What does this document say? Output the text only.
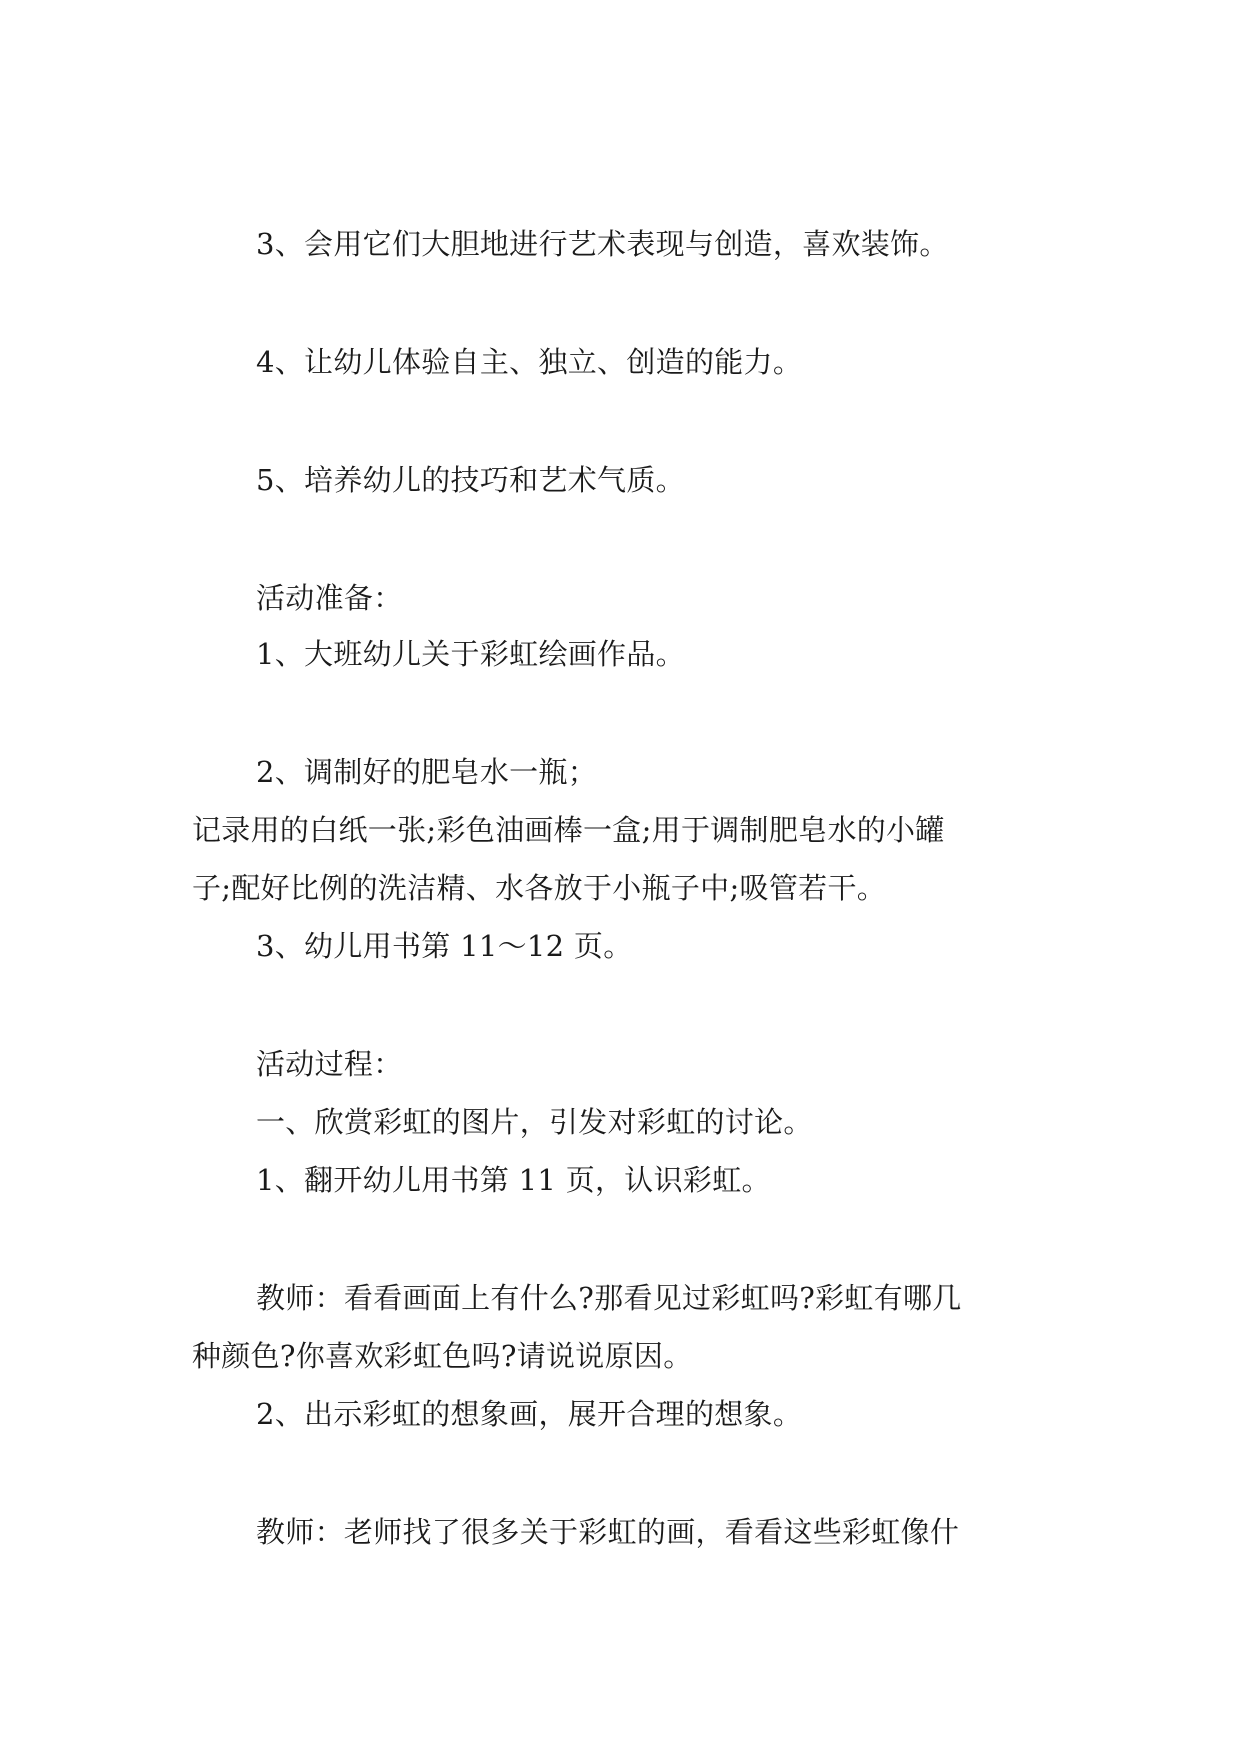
3、会用它们大胆地进行艺术表现与创造，喜欢装饰。
4、让幼儿体验自主、独立、创造的能力。
5、培养幼儿的技巧和艺术气质。
活动准备：
1、大班幼儿关于彩虹绘画作品。
2、调制好的肥皂水一瓶；
记录用的白纸一张;彩色油画棒一盒;用于调制肥皂水的小罐
子;配好比例的洗洁精、水各放于小瓶子中;吸管若干。
3、幼儿用书第 11～12 页。
活动过程：
一、欣赏彩虹的图片，引发对彩虹的讨论。
1、翻开幼儿用书第 11 页，认识彩虹。
教师：看看画面上有什么?那看见过彩虹吗?彩虹有哪几
种颜色?你喜欢彩虹色吗?请说说原因。
2、出示彩虹的想象画，展开合理的想象。
教师：老师找了很多关于彩虹的画，看看这些彩虹像什
